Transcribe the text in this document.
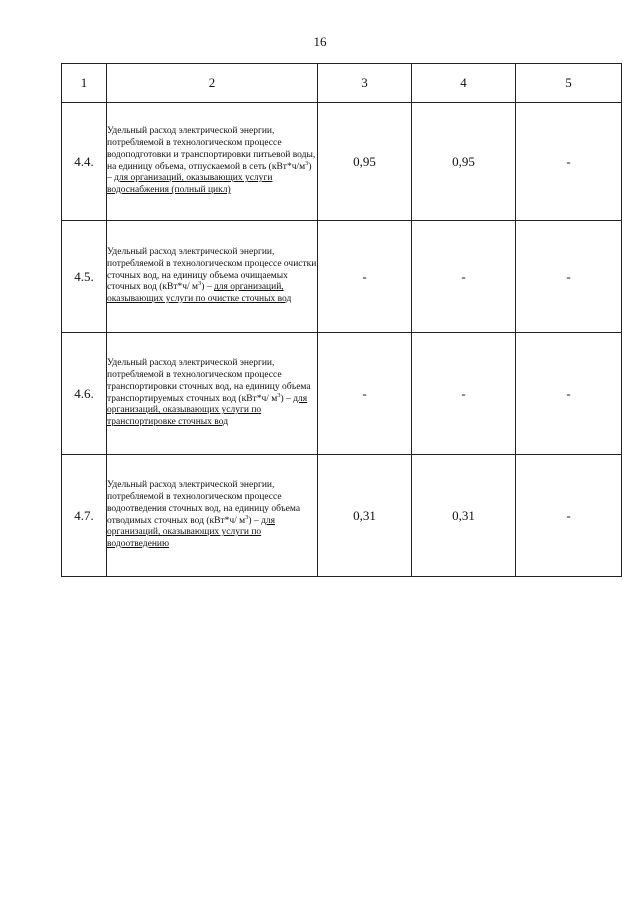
16
1	2	3	4	5
4.4.	Удельный расход электрической энергии, потребляемой в технологическом процессе водоподготовки и транспортировки питьевой воды, на единицу объема, отпускаемой в сеть $(кВт*ч/м^3)$ – для организаций, оказывающих услуги водоснабжения (полный цикл)	0,95	0,95	-
4.5.	Удельный расход электрической энергии, потребляемой в технологическом процессе очистки сточных вод, на единицу объема очищаемых сточных вод (кВт*ч/ $м^3$) – для организаций, оказывающих услуги по очистке сточных вод	-	-	-
4.6.	Удельный расход электрической энергии, потребляемой в технологическом процессе транспортировки сточных вод, на единицу объема транспортируемых сточных вод (кВт*ч/ $м^3$) – для организаций, оказывающих услуги по транспортировке сточных вод	-	-	-
4.7.	Удельный расход электрической энергии, потребляемой в технологическом процессе водоотведения сточных вод, на единицу объема отводимых сточных вод (кВт*ч/ $м^3$) – для организаций, оказывающих услуги по водоотведению	0,31	0,31	-
